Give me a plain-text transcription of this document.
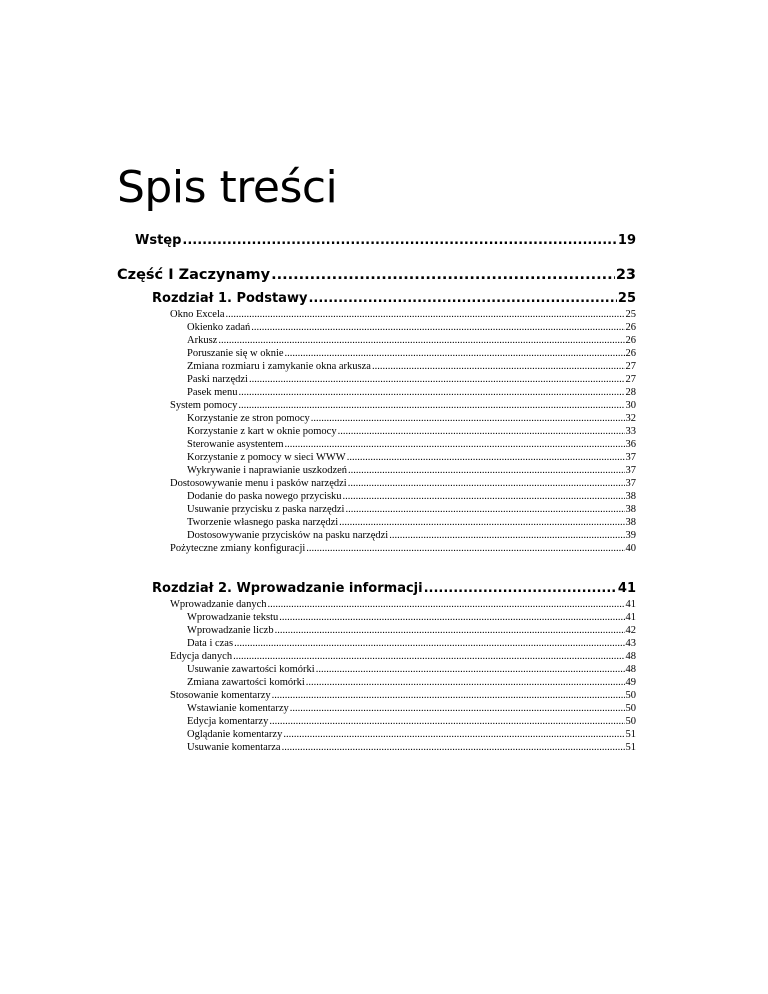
Spis treści
Wstęp .....	19
Część I Zaczynamy .....	23
Rozdział 1. Podstawy .....	25
Okno Excela .....	25
Okienko zadań .....	26
Arkusz .....	26
Poruszanie się w oknie .....	26
Zmiana rozmiaru i zamykanie okna arkusza .....	27
Paski narzędzi .....	27
Pasek menu .....	28
System pomocy .....	30
Korzystanie ze stron pomocy .....	32
Korzystanie z kart w oknie pomocy .....	33
Sterowanie asystentem .....	36
Korzystanie z pomocy w sieci WWW .....	37
Wykrywanie i naprawianie uszkodzeń .....	37
Dostosowywanie menu i pasków narzędzi .....	37
Dodanie do paska nowego przycisku .....	38
Usuwanie przycisku z paska narzędzi .....	38
Tworzenie własnego paska narzędzi .....	38
Dostosowywanie przycisków na pasku narzędzi .....	39
Pożyteczne zmiany konfiguracji .....	40
Rozdział 2. Wprowadzanie informacji .....	41
Wprowadzanie danych .....	41
Wprowadzanie tekstu .....	41
Wprowadzanie liczb .....	42
Data i czas .....	43
Edycja danych .....	48
Usuwanie zawartości komórki .....	48
Zmiana zawartości komórki .....	49
Stosowanie komentarzy .....	50
Wstawianie komentarzy .....	50
Edycja komentarzy .....	50
Oglądanie komentarzy .....	51
Usuwanie komentarza .....	51
